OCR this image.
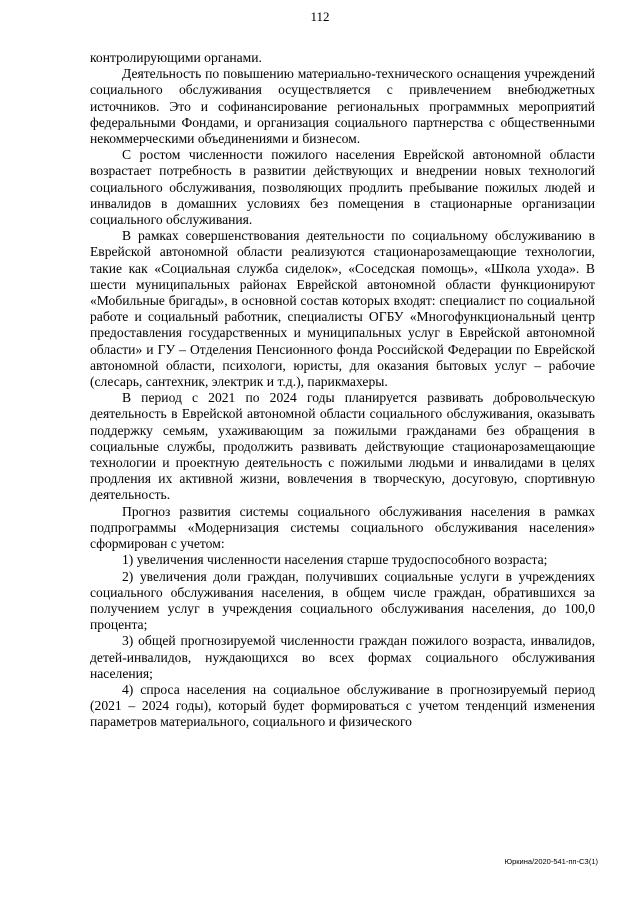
112

контролирующими органами.

Деятельность по повышению материально-технического оснащения учреждений социального обслуживания осуществляется с привлечением внебюджетных источников. Это и софинансирование региональных программных мероприятий федеральными Фондами, и организация социального партнерства с общественными некоммерческими объединениями и бизнесом.

С ростом численности пожилого населения Еврейской автономной области возрастает потребность в развитии действующих и внедрении новых технологий социального обслуживания, позволяющих продлить пребывание пожилых людей и инвалидов в домашних условиях без помещения в стационарные организации социального обслуживания.

В рамках совершенствования деятельности по социальному обслуживанию в Еврейской автономной области реализуются стационарозамещающие технологии, такие как «Социальная служба сиделок», «Соседская помощь», «Школа ухода». В шести муниципальных районах Еврейской автономной области функционируют «Мобильные бригады», в основной состав которых входят: специалист по социальной работе и социальный работник, специалисты ОГБУ «Многофункциональный центр предоставления государственных и муниципальных услуг в Еврейской автономной области» и ГУ – Отделения Пенсионного фонда Российской Федерации по Еврейской автономной области, психологи, юристы, для оказания бытовых услуг – рабочие (слесарь, сантехник, электрик и т.д.), парикмахеры.

В период с 2021 по 2024 годы планируется развивать добровольческую деятельность в Еврейской автономной области социального обслуживания, оказывать поддержку семьям, ухаживающим за пожилыми гражданами без обращения в социальные службы, продолжить развивать действующие стационарозамещающие технологии и проектную деятельность с пожилыми людьми и инвалидами в целях продления их активной жизни, вовлечения в творческую, досуговую, спортивную деятельность.

Прогноз развития системы социального обслуживания населения в рамках подпрограммы «Модернизация системы социального обслуживания населения» сформирован с учетом:

1) увеличения численности населения старше трудоспособного возраста;

2) увеличения доли граждан, получивших социальные услуги в учреждениях социального обслуживания населения, в общем числе граждан, обратившихся за получением услуг в учреждения социального обслуживания населения, до 100,0 процента;

3) общей прогнозируемой численности граждан пожилого возраста, инвалидов, детей-инвалидов, нуждающихся во всех формах социального обслуживания населения;

4) спроса населения на социальное обслуживание в прогнозируемый период (2021 – 2024 годы), который будет формироваться с учетом тенденций изменения параметров материального, социального и физического

Юркина/2020-541-пп-СЗ(1)
